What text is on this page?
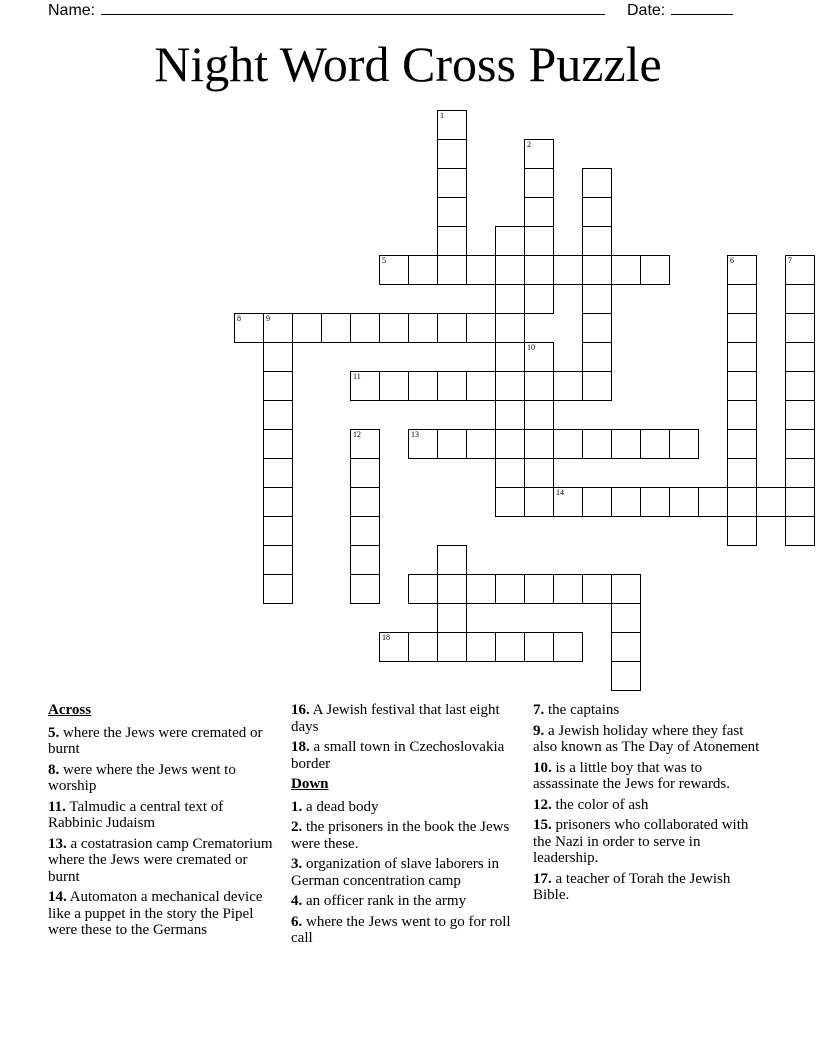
Name:	Date:
Night Word Cross Puzzle
1
2
5	6	7
8	9
10
11
12	13
14
18
Across
5. where the Jews were cremated or burnt
8. were where the Jews went to worship
11. Talmudic a central text of Rabbinic Judaism
13. a costatrasion camp Crematorium where the Jews were cremated or burnt
14. Automaton a mechanical device like a puppet in the story the Pipel were these to the Germans
16. A Jewish festival that last eight days
18. a small town in Czechoslovakia border
Down
1. a dead body
2. the prisoners in the book the Jews were these.
3. organization of slave laborers in German concentration camp
4. an officer rank in the army
6. where the Jews went to go for roll call
7. the captains
9. a Jewish holiday where they fast also known as The Day of Atonement
10. is a little boy that was to assassinate the Jews for rewards.
12. the color of ash
15. prisoners who collaborated with the Nazi in order to serve in leadership.
17. a teacher of Torah the Jewish Bible.
